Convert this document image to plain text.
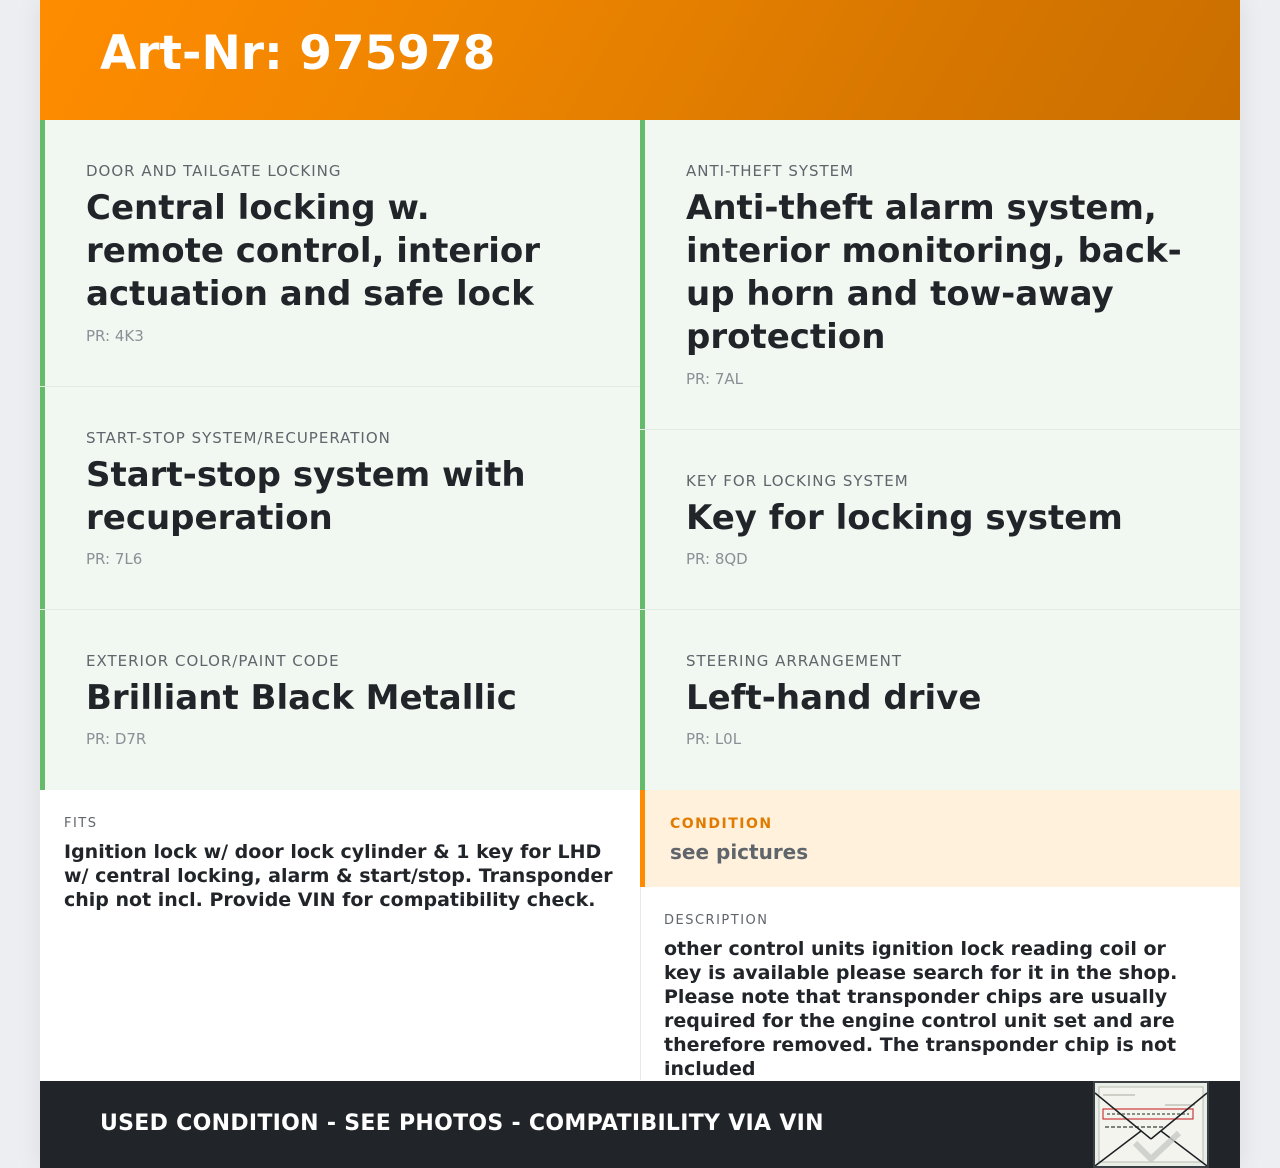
Art-Nr: 975978
DOOR AND TAILGATE LOCKING
Central locking w. remote control, interior actuation and safe lock
PR: 4K3
START-STOP SYSTEM/RECUPERATION
Start-stop system with recuperation
PR: 7L6
EXTERIOR COLOR/PAINT CODE
Brilliant Black Metallic
PR: D7R
ANTI-THEFT SYSTEM
Anti-theft alarm system, interior monitoring, back-up horn and tow-away protection
PR: 7AL
KEY FOR LOCKING SYSTEM
Key for locking system
PR: 8QD
STEERING ARRANGEMENT
Left-hand drive
PR: L0L
FITS
Ignition lock w/ door lock cylinder & 1 key for LHD w/ central locking, alarm & start/stop. Transponder chip not incl. Provide VIN for compatibility check.
CONDITION
see pictures
DESCRIPTION
other control units ignition lock reading coil or key is available please search for it in the shop. Please note that transponder chips are usually required for the engine control unit set and are therefore removed. The transponder chip is not included
USED CONDITION - SEE PHOTOS - COMPATIBILITY VIA VIN
